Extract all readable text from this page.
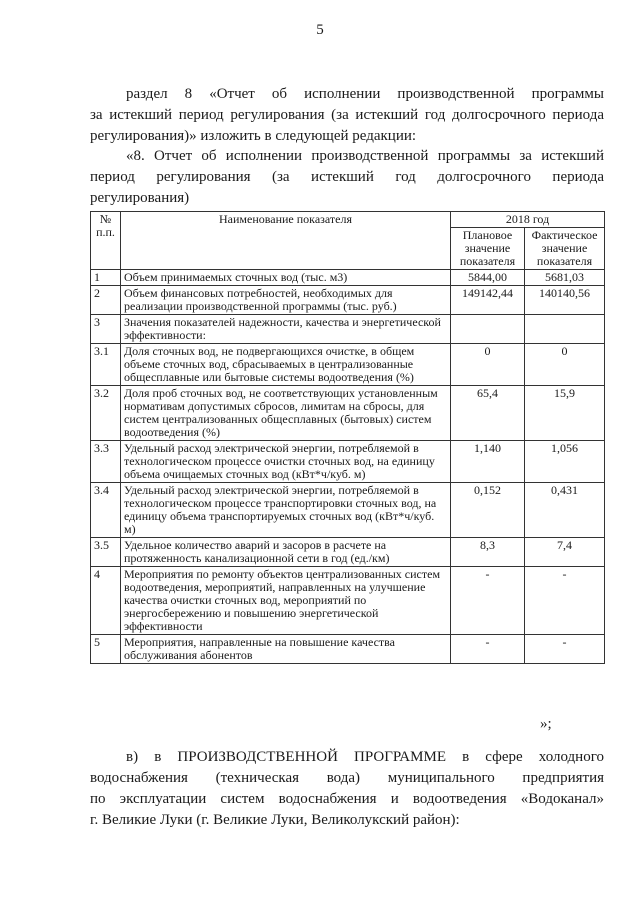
5
раздел 8 «Отчет об исполнении производственной программы
за истекший период регулирования (за истекший год долгосрочного периода
регулирования)» изложить в следующей редакции:
«8. Отчет об исполнении производственной программы за истекший
период регулирования (за истекший год долгосрочного периода
регулирования)
№ п.п.	Наименование показателя	2018 год	
		Плановое значение показателя	Фактическое значение показателя
1	Объем принимаемых сточных вод (тыс. м3)	5844,00	5681,03
2	Объем финансовых потребностей, необходимых для реализации производственной программы (тыс. руб.)	149142,44	140140,56
3	Значения показателей надежности, качества и энергетической эффективности:		
3.1	Доля сточных вод, не подвергающихся очистке, в общем объеме сточных вод, сбрасываемых в централизованные общесплавные или бытовые системы водоотведения (%)	0	0
3.2	Доля проб сточных вод, не соответствующих установленным нормативам допустимых сбросов, лимитам на сбросы, для систем централизованных общесплавных (бытовых) систем водоотведения (%)	65,4	15,9
3.3	Удельный расход электрической энергии, потребляемой в технологическом процессе очистки сточных вод, на единицу объема очищаемых сточных вод (кВт*ч/куб. м)	1,140	1,056
3.4	Удельный расход электрической энергии, потребляемой в технологическом процессе транспортировки сточных вод, на единицу объема транспортируемых сточных вод (кВт*ч/куб. м)	0,152	0,431
3.5	Удельное количество аварий и засоров в расчете на протяженность канализационной сети в год (ед./км)	8,3	7,4
4	Мероприятия по ремонту объектов централизованных систем водоотведения, мероприятий, направленных на улучшение качества очистки сточных вод, мероприятий по энергосбережению и повышению энергетической эффективности	-	-
5	Мероприятия, направленные на повышение качества обслуживания абонентов	-	-
»;
в) в ПРОИЗВОДСТВЕННОЙ ПРОГРАММЕ в сфере холодного
водоснабжения (техническая вода) муниципального предприятия
по эксплуатации систем водоснабжения и водоотведения «Водоканал»
г. Великие Луки (г. Великие Луки, Великолукский район):
